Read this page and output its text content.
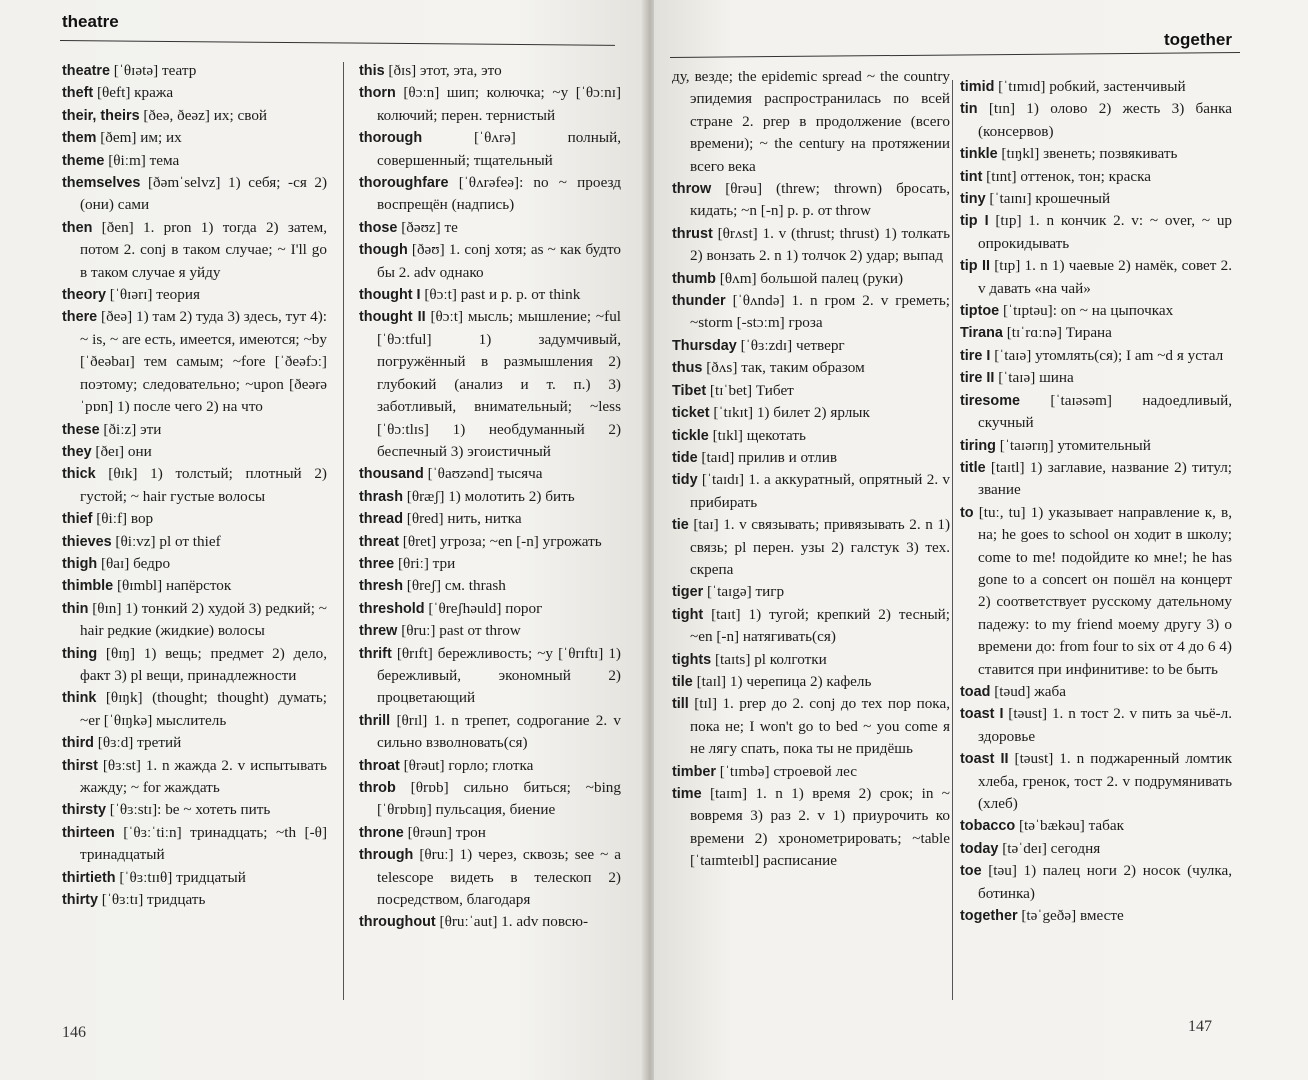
theatre
theatre [ˈθɪətə] театр
theft [θeft] кража
their, theirs [ðeə, ðeəz] их; свой
them [ðem] им; их
theme [θiːm] тема
themselves [ðəmˈselvz] 1) себя; -ся 2) (они) сами
then [ðen] 1. pron 1) тогда 2) затем, потом 2. conj в таком случае; ~ I'll go в таком случае я уйду
theory [ˈθɪərɪ] теория
there [ðeə] 1) там 2) туда 3) здесь, тут 4): ~ is, ~ are есть, имеется, имеются; ~by [ˈðeəbaɪ] тем самым; ~fore [ˈðeəfɔː] поэтому; следовательно; ~upon [ðeərəˈpɒn] 1) после чего 2) на что
these [ðiːz] эти
they [ðeɪ] они
thick [θɪk] 1) толстый; плотный 2) густой; ~ hair густые волосы
thief [θiːf] вор
thieves [θiːvz] pl от thief
thigh [θaɪ] бедро
thimble [θɪmbl] напёрсток
thin [θɪn] 1) тонкий 2) худой 3) редкий; ~ hair редкие (жидкие) волосы
thing [θɪŋ] 1) вещь; предмет 2) дело, факт 3) pl вещи, принадлежности
think [θɪŋk] (thought; thought) думать; ~er [ˈθɪŋkə] мыслитель
third [θɜːd] третий
thirst [θɜːst] 1. n жажда 2. v испытывать жажду; ~ for жаждать
thirsty [ˈθɜːstɪ]: be ~ хотеть пить
thirteen [ˈθɜːˈtiːn] тринадцать; ~th [-θ] тринадцатый
thirtieth [ˈθɜːtɪɪθ] тридцатый
thirty [ˈθɜːtɪ] тридцать
this [ðɪs] этот, эта, это
thorn [θɔːn] шип; колючка; ~y [ˈθɔːnɪ] колючий; перен. тернистый
thorough	[ˈθʌrə] полный, совершенный; тщательный
thoroughfare [ˈθʌrəfeə]: no ~ проезд воспрещён (надпись)
those [ðəʊz] те
though [ðəʊ] 1. conj хотя; as ~ как будто бы 2. adv однако
thought I [θɔːt] past и p. p. от think
thought II [θɔːt] мысль; мышление; ~ful [ˈθɔːtful] 1) задумчивый, погружённый в размышления 2) глубокий (анализ и т. п.) 3) заботливый, внимательный; ~less [ˈθɔːtlɪs] 1) необдуманный 2) беспечный 3) эгоистичный
thousand [ˈθaʊzənd] тысяча
thrash [θræʃ] 1) молотить 2) бить
thread [θred] нить, нитка
threat [θret] угроза; ~en [-n] угрожать
three [θriː] три
thresh [θreʃ] см. thrash
threshold [ˈθreʃhəuld] порог
threw [θruː] past от throw
thrift [θrɪft] бережливость; ~y [ˈθrɪftɪ] 1) бережливый, экономный 2) процветающий
thrill [θrɪl] 1. n трепет, содрогание 2. v сильно взволновать(ся)
throat [θrəut] горло; глотка
throb [θrɒb] сильно биться; ~bing [ˈθrɒbɪŋ] пульсация, биение
throne [θrəun] трон
through [θruː] 1) через, сквозь; see ~ a telescope видеть в телескоп 2) посредством, благодаря
throughout [θruːˈaut] 1. adv повсю-
146
together
ду, везде; the epidemic spread ~ the country эпидемия распространилась по всей стране 2. prep в продолжение (всего времени); ~ the century на протяжении всего века
throw [θrəu] (threw; thrown) бросать, кидать; ~n [-n] p. p. от throw
thrust [θrʌst] 1. v (thrust; thrust) 1) толкать 2) вонзать 2. n 1) толчок 2) удар; выпад
thumb [θʌm] большой палец (руки)
thunder [ˈθʌndə] 1. n гром 2. v греметь; ~storm [-stɔːm] гроза
Thursday [ˈθɜːzdɪ] четверг
thus [ðʌs] так, таким образом
Tibet [tɪˈbet] Тибет
ticket [ˈtɪkɪt] 1) билет 2) ярлык
tickle [tɪkl] щекотать
tide [taɪd] прилив и отлив
tidy [ˈtaɪdɪ] 1. a аккуратный, опрятный 2. v прибирать
tie [taɪ] 1. v связывать; привязывать 2. n 1) связь; pl перен. узы 2) галстук 3) тех. скрепа
tiger [ˈtaɪgə] тигр
tight [taɪt] 1) тугой; крепкий 2) тесный; ~en [-n] натягивать(ся)
tights [taɪts] pl колготки
tile [taɪl] 1) черепица 2) кафель
till [tɪl] 1. prep до 2. conj до тех пор пока, пока не; I won't go to bed ~ you come я не лягу спать, пока ты не придёшь
timber [ˈtɪmbə] строевой лес
time [taɪm] 1. n 1) время 2) срок; in ~ вовремя 3) раз 2. v 1) приурочить ко времени 2) хронометрировать; ~table [ˈtaɪmteɪbl] расписание
timid [ˈtɪmɪd] робкий, застенчивый
tin [tɪn] 1) олово 2) жесть 3) банка (консервов)
tinkle [tɪŋkl] звенеть; позвякивать
tint [tɪnt] оттенок, тон; краска
tiny [ˈtaɪnɪ] крошечный
tip I [tɪp] 1. n кончик 2. v: ~ over, ~ up опрокидывать
tip II [tɪp] 1. n 1) чаевые 2) намёк, совет 2. v давать «на чай»
tiptoe [ˈtɪptəu]: on ~ на цыпочках
Tirana [tɪˈrɑːnə] Тирана
tire I [ˈtaɪə] утомлять(ся); I am ~d я устал
tire II [ˈtaɪə] шина
tiresome [ˈtaɪəsəm] надоедливый, скучный
tiring [ˈtaɪərɪŋ] утомительный
title [taɪtl] 1) заглавие, название 2) титул; звание
to [tuː, tu] 1) указывает направление к, в, на; he goes to school он ходит в школу; come to me! подойдите ко мне!; he has gone to a concert он пошёл на концерт 2) соответствует русскому дательному падежу: to my friend моему другу 3) о времени до: from four to six от 4 до 6 4) ставится при инфинитиве: to be быть
toad [təud] жаба
toast I [təust] 1. n тост 2. v пить за чьё-л. здоровье
toast II [təust] 1. n поджаренный ломтик хлеба, гренок, тост 2. v подрумянивать (хлеб)
tobacco [təˈbækəu] табак
today [təˈdeɪ] сегодня
toe [təu] 1) палец ноги 2) носок (чулка, ботинка)
together [təˈgeðə] вместе
147
